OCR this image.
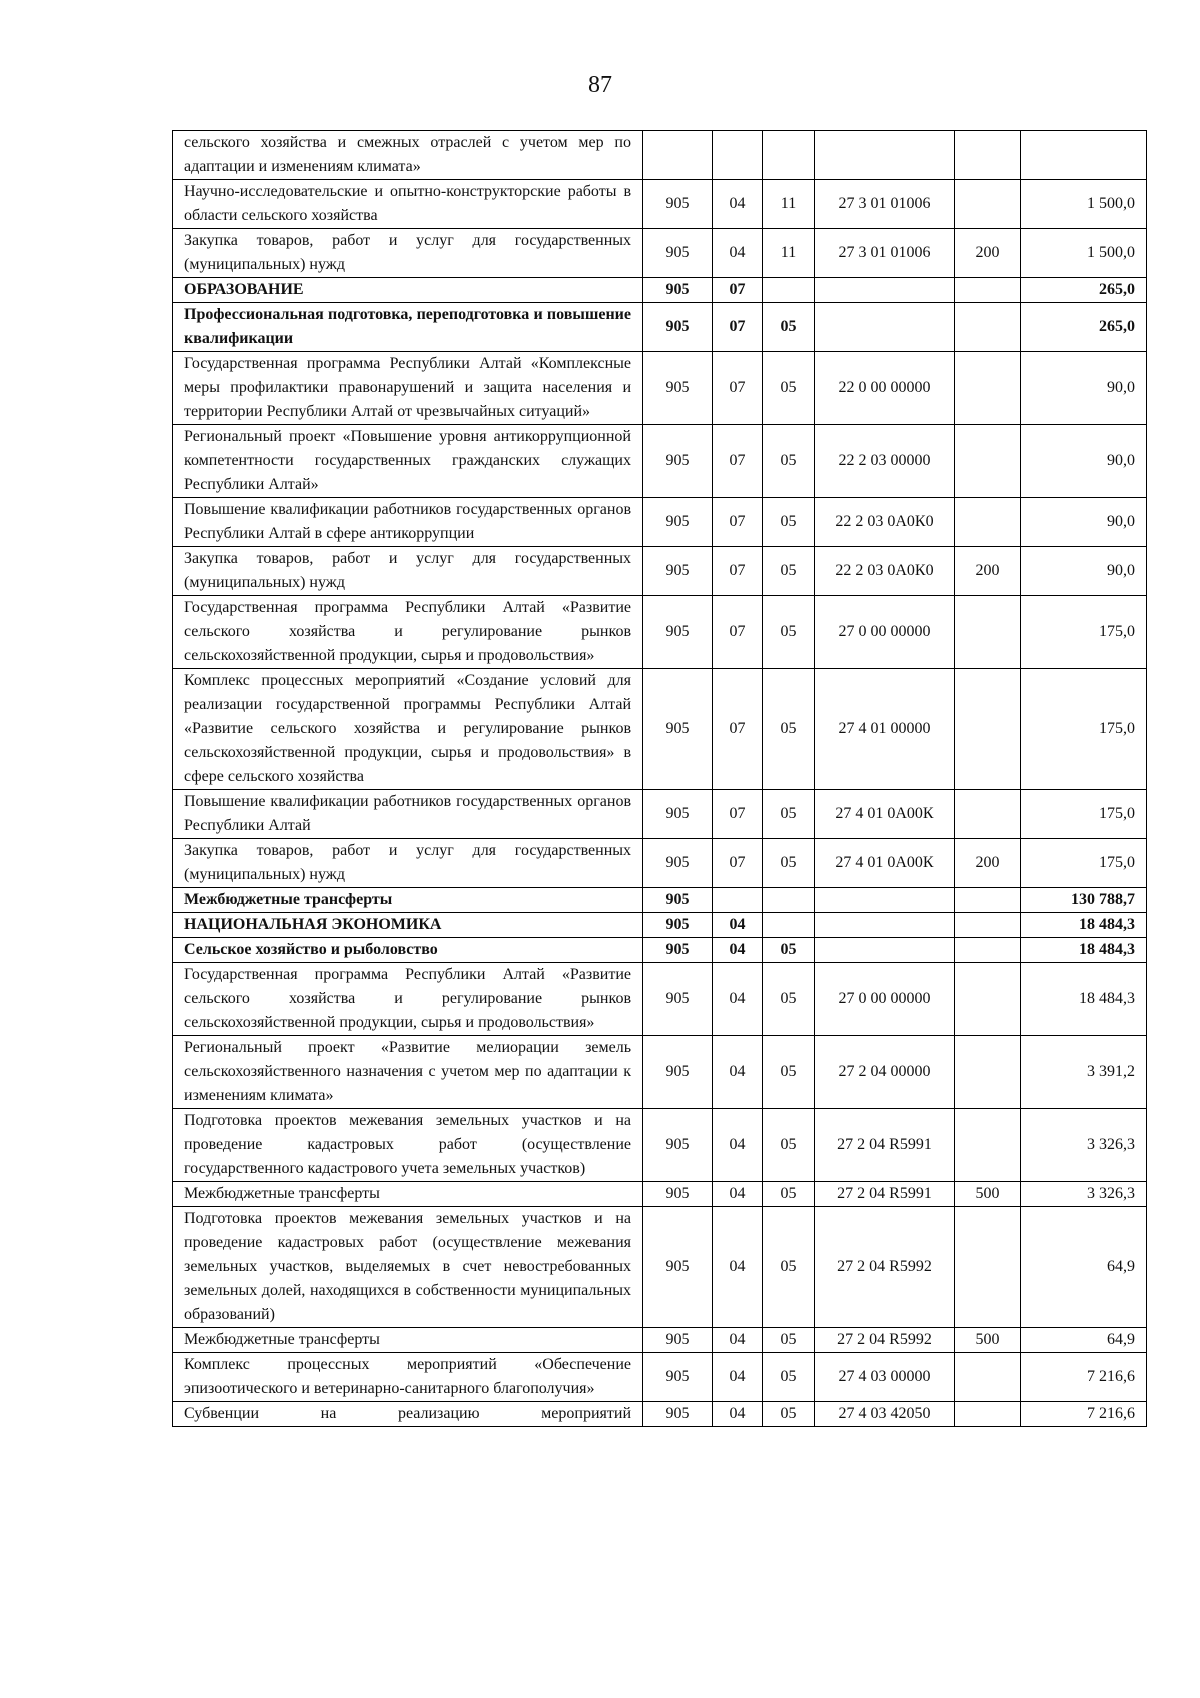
87
сельского хозяйства и смежных отраслей с учетом мер по адаптации и изменениям климата»						
Научно-исследовательские и опытно-конструкторские работы в области сельского хозяйства	905	04	11	27 3 01 01006		1 500,0
Закупка товаров, работ и услуг для государственных (муниципальных) нужд	905	04	11	27 3 01 01006	200	1 500,0
ОБРАЗОВАНИЕ	905	07				265,0
Профессиональная подготовка, переподготовка и повышение квалификации	905	07	05			265,0
Государственная программа Республики Алтай «Комплексные меры профилактики правонарушений и защита населения и территории Республики Алтай от чрезвычайных ситуаций»	905	07	05	22 0 00 00000		90,0
Региональный проект «Повышение уровня антикоррупционной компетентности государственных гражданских служащих Республики Алтай»	905	07	05	22 2 03 00000		90,0
Повышение квалификации работников государственных органов Республики Алтай в сфере антикоррупции	905	07	05	22 2 03 0А0К0		90,0
Закупка товаров, работ и услуг для государственных (муниципальных) нужд	905	07	05	22 2 03 0А0К0	200	90,0
Государственная программа Республики Алтай «Развитие сельского хозяйства и регулирование рынков сельскохозяйственной продукции, сырья и продовольствия»	905	07	05	27 0 00 00000		175,0
Комплекс процессных мероприятий «Создание условий для реализации государственной программы Республики Алтай «Развитие сельского хозяйства и регулирование рынков сельскохозяйственной продукции, сырья и продовольствия» в сфере сельского хозяйства	905	07	05	27 4 01 00000		175,0
Повышение квалификации работников государственных органов Республики Алтай	905	07	05	27 4 01 0А00К		175,0
Закупка товаров, работ и услуг для государственных (муниципальных) нужд	905	07	05	27 4 01 0А00К	200	175,0
Межбюджетные трансферты	905					130 788,7
НАЦИОНАЛЬНАЯ ЭКОНОМИКА	905	04				18 484,3
Сельское хозяйство и рыболовство	905	04	05			18 484,3
Государственная программа Республики Алтай «Развитие сельского хозяйства и регулирование рынков сельскохозяйственной продукции, сырья и продовольствия»	905	04	05	27 0 00 00000		18 484,3
Региональный проект «Развитие мелиорации земель сельскохозяйственного назначения с учетом мер по адаптации к изменениям климата»	905	04	05	27 2 04 00000		3 391,2
Подготовка проектов межевания земельных участков и на проведение кадастровых работ (осуществление государственного кадастрового учета земельных участков)	905	04	05	27 2 04 R5991		3 326,3
Межбюджетные трансферты	905	04	05	27 2 04 R5991	500	3 326,3
Подготовка проектов межевания земельных участков и на проведение кадастровых работ (осуществление межевания земельных участков, выделяемых в счет невостребованных земельных долей, находящихся в собственности муниципальных образований)	905	04	05	27 2 04 R5992		64,9
Межбюджетные трансферты	905	04	05	27 2 04 R5992	500	64,9
Комплекс процессных мероприятий «Обеспечение эпизоотического и ветеринарно-санитарного благополучия»	905	04	05	27 4 03 00000		7 216,6
Субвенции на реализацию мероприятий	905	04	05	27 4 03 42050		7 216,6
